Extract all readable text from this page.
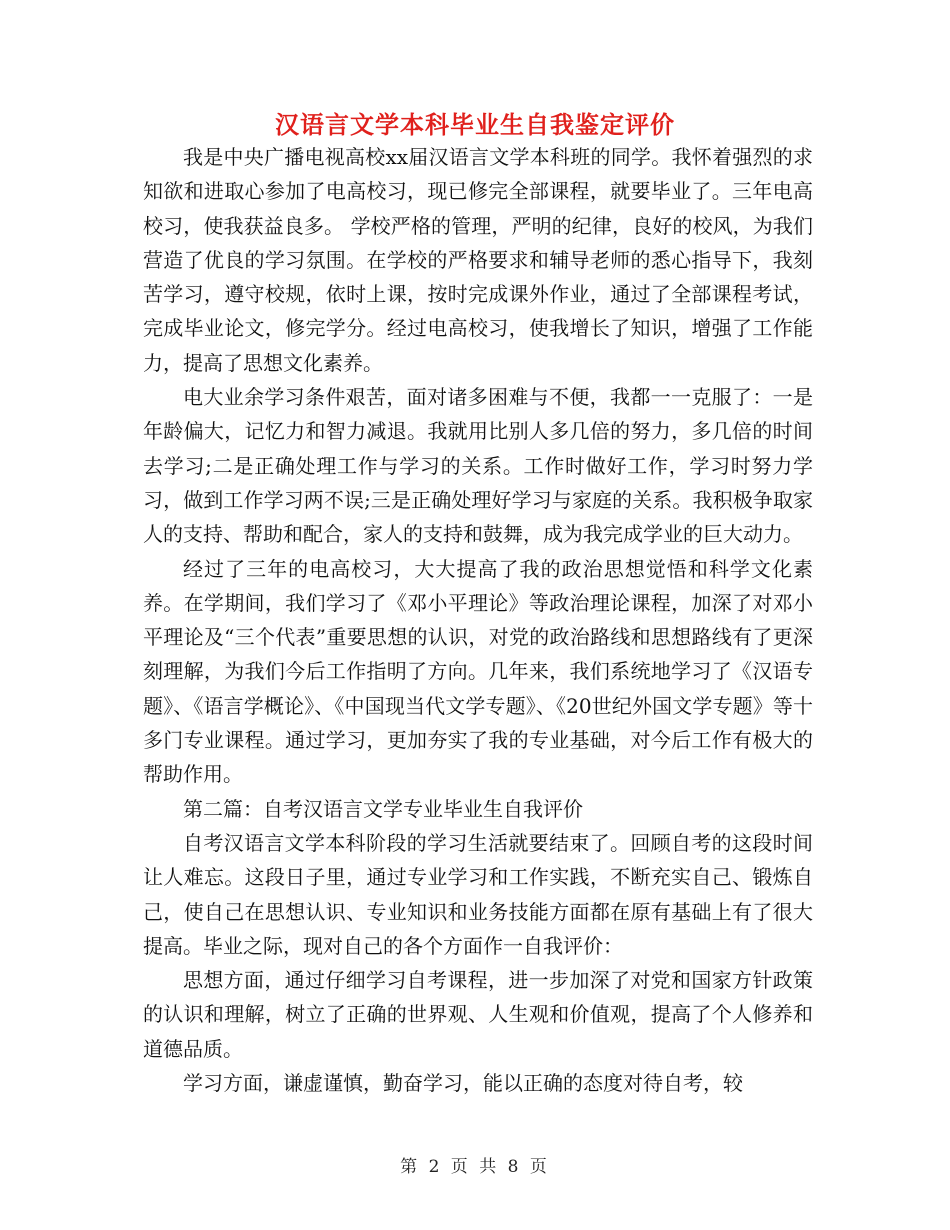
汉语言文学本科毕业生自我鉴定评价

我是中央广播电视高校xx届汉语言文学本科班的同学。我怀着强烈的求知欲和进取心参加了电高校习，现已修完全部课程，就要毕业了。三年电高校习，使我获益良多。 学校严格的管理，严明的纪律，良好的校风，为我们营造了优良的学习氛围。在学校的严格要求和辅导老师的悉心指导下，我刻苦学习，遵守校规，依时上课，按时完成课外作业，通过了全部课程考试，完成毕业论文，修完学分。经过电高校习，使我增长了知识，增强了工作能力，提高了思想文化素养。

电大业余学习条件艰苦，面对诸多困难与不便，我都一一克服了：一是年龄偏大，记忆力和智力减退。我就用比别人多几倍的努力，多几倍的时间去学习;二是正确处理工作与学习的关系。工作时做好工作，学习时努力学习，做到工作学习两不误;三是正确处理好学习与家庭的关系。我积极争取家人的支持、帮助和配合，家人的支持和鼓舞，成为我完成学业的巨大动力。

经过了三年的电高校习，大大提高了我的政治思想觉悟和科学文化素养。在学期间，我们学习了《邓小平理论》等政治理论课程，加深了对邓小平理论及“三个代表”重要思想的认识，对党的政治路线和思想路线有了更深刻理解，为我们今后工作指明了方向。几年来，我们系统地学习了《汉语专题》、《语言学概论》、《中国现当代文学专题》、《20世纪外国文学专题》等十多门专业课程。通过学习，更加夯实了我的专业基础，对今后工作有极大的帮助作用。

第二篇：自考汉语言文学专业毕业生自我评价

自考汉语言文学本科阶段的学习生活就要结束了。回顾自考的这段时间让人难忘。这段日子里，通过专业学习和工作实践，不断充实自己、锻炼自己，使自己在思想认识、专业知识和业务技能方面都在原有基础上有了很大提高。毕业之际，现对自己的各个方面作一自我评价：

思想方面，通过仔细学习自考课程，进一步加深了对党和国家方针政策的认识和理解，树立了正确的世界观、人生观和价值观，提高了个人修养和道德品质。

学习方面，谦虚谨慎，勤奋学习，能以正确的态度对待自考，较

第 2 页 共 8 页
